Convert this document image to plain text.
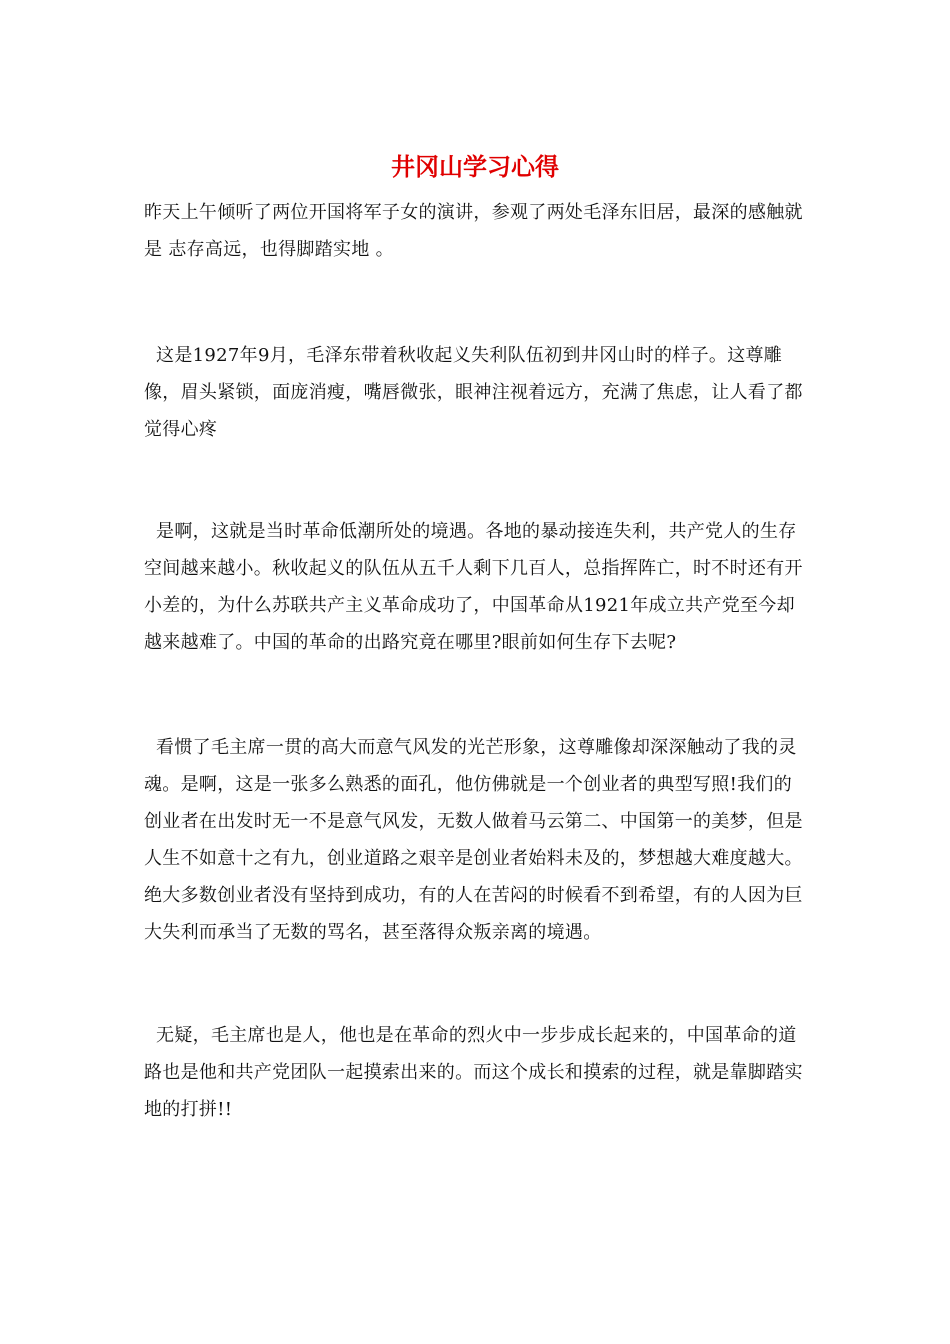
井冈山学习心得

昨天上午倾听了两位开国将军子女的演讲，参观了两处毛泽东旧居，最深的感触就是 志存高远，也得脚踏实地 。

这是1927年9月，毛泽东带着秋收起义失利队伍初到井冈山时的样子。这尊雕像，眉头紧锁，面庞消瘦，嘴唇微张，眼神注视着远方，充满了焦虑，让人看了都觉得心疼

是啊，这就是当时革命低潮所处的境遇。各地的暴动接连失利，共产党人的生存空间越来越小。秋收起义的队伍从五千人剩下几百人，总指挥阵亡，时不时还有开小差的，为什么苏联共产主义革命成功了，中国革命从1921年成立共产党至今却越来越难了。中国的革命的出路究竟在哪里?眼前如何生存下去呢?

看惯了毛主席一贯的高大而意气风发的光芒形象，这尊雕像却深深触动了我的灵魂。是啊，这是一张多么熟悉的面孔，他仿佛就是一个创业者的典型写照!我们的创业者在出发时无一不是意气风发，无数人做着马云第二、中国第一的美梦，但是人生不如意十之有九，创业道路之艰辛是创业者始料未及的，梦想越大难度越大。绝大多数创业者没有坚持到成功，有的人在苦闷的时候看不到希望，有的人因为巨大失利而承当了无数的骂名，甚至落得众叛亲离的境遇。

无疑，毛主席也是人，他也是在革命的烈火中一步步成长起来的，中国革命的道路也是他和共产党团队一起摸索出来的。而这个成长和摸索的过程，就是靠脚踏实地的打拼!!
